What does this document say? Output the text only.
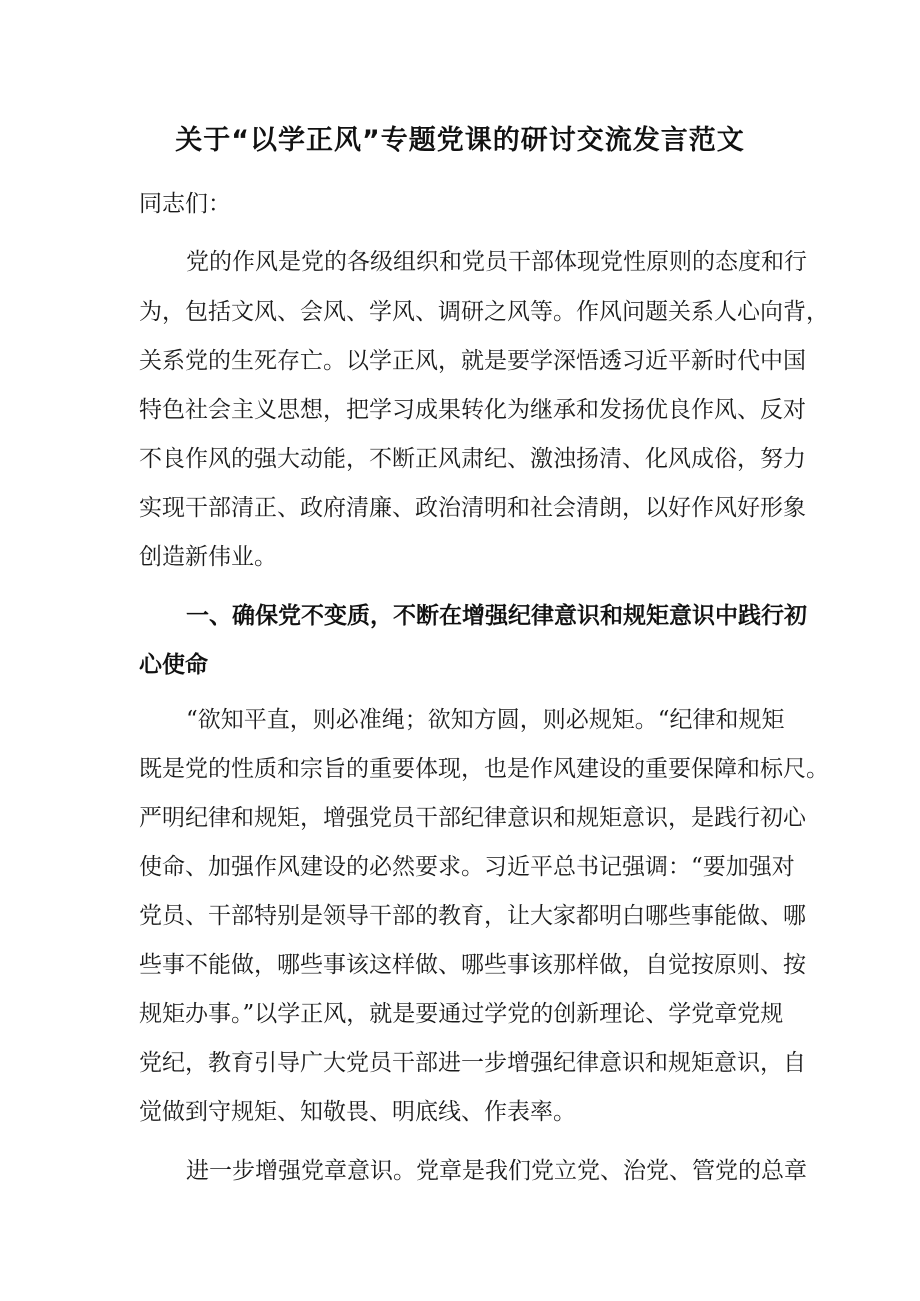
关于“以学正风”专题党课的研讨交流发言范文
同志们：
党的作风是党的各级组织和党员干部体现党性原则的态度和行
为，包括文风、会风、学风、调研之风等。作风问题关系人心向背，
关系党的生死存亡。以学正风，就是要学深悟透习近平新时代中国
特色社会主义思想，把学习成果转化为继承和发扬优良作风、反对
不良作风的强大动能，不断正风肃纪、激浊扬清、化风成俗，努力
实现干部清正、政府清廉、政治清明和社会清朗，以好作风好形象
创造新伟业。
一、确保党不变质，不断在增强纪律意识和规矩意识中践行初
心使命
“欲知平直，则必准绳；欲知方圆，则必规矩。“纪律和规矩
既是党的性质和宗旨的重要体现，也是作风建设的重要保障和标尺。
严明纪律和规矩，增强党员干部纪律意识和规矩意识，是践行初心
使命、加强作风建设的必然要求。习近平总书记强调：“要加强对
党员、干部特别是领导干部的教育，让大家都明白哪些事能做、哪
些事不能做，哪些事该这样做、哪些事该那样做，自觉按原则、按
规矩办事。”以学正风，就是要通过学党的创新理论、学党章党规
党纪，教育引导广大党员干部进一步增强纪律意识和规矩意识，自
觉做到守规矩、知敬畏、明底线、作表率。
进一步增强党章意识。党章是我们党立党、治党、管党的总章
